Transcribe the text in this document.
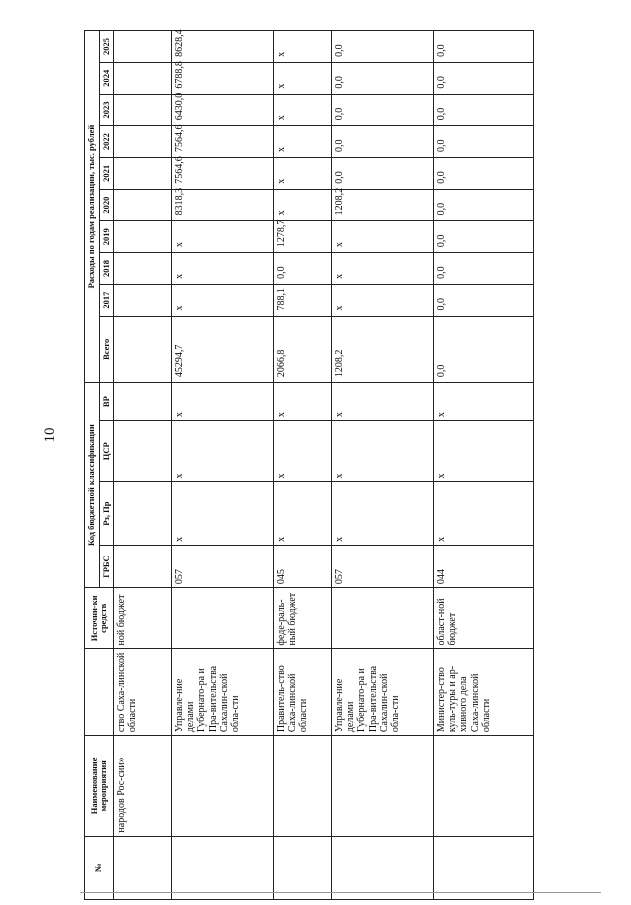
10
№	Наименование мероприятия		Источни-ки средств	Код бюджетной классификации				Расходы по годам реализации, тыс. рублей									
				ГРБС	Рз, Пр	ЦСР	ВР	Всего	2017	2018	2019	2020	2021	2022	2023	2024	2025
	народов Рос-сии»	ство Саха-линской области	ной бюджет														
		Управле-ние делами Губернато-ра и Пра-вительства Сахалин-ской обла-сти		057	x	x	x	45294,7	x	x	x	8318,3	7564,6	7564,6	6430,0	6788,8	8628,4
		Правитель-ство Саха-линской области	феде-раль-ный бюджет	045	x	x	x	2066,8	788,1	0,0	1278,7	x	x	x	x	x	x
		Управле-ние делами Губернато-ра и Пра-вительства Сахалин-ской обла-сти		057	x	x	x	1208,2	x	x	x	1208,2	0,0	0,0	0,0	0,0	0,0
		Министер-ство куль-туры и ар-хивного дела Саха-линской области	област-ной бюджет	044	x	x	x	0,0	0,0	0,0	0,0	0,0	0,0	0,0	0,0	0,0	0,0
